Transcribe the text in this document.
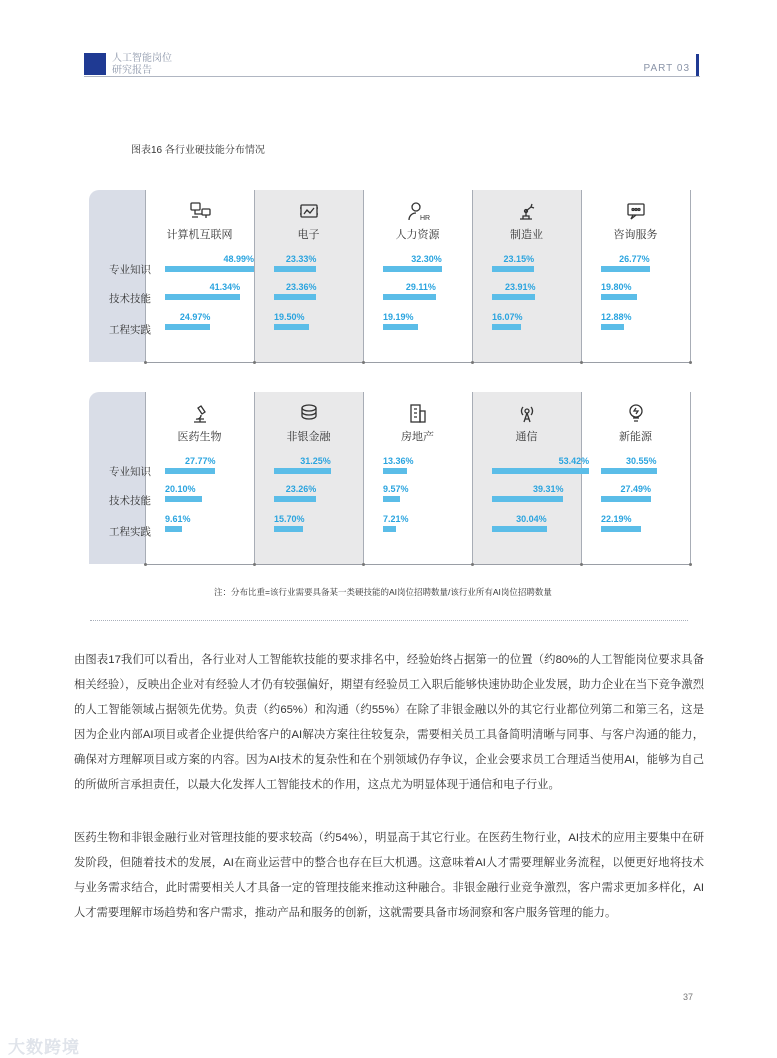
人工智能岗位
研究报告	PART 03
图表16 各行业硬技能分布情况
专业知识
技术技能
工程实践
计算机互联网
48.99%
41.34%
24.97%
电子
23.33%
23.36%
19.50%
HR
人力资源
32.30%
29.11%
19.19%
制造业
23.15%
23.91%
16.07%
咨询服务
26.77%
19.80%
12.88%
专业知识
技术技能
工程实践
医药生物
27.77%
20.10%
9.61%
非银金融
31.25%
23.26%
15.70%
房地产
13.36%
9.57%
7.21%
通信
53.42%
39.31%
30.04%
新能源
30.55%
27.49%
22.19%
注：分布比重=该行业需要具备某一类硬技能的AI岗位招聘数量/该行业所有AI岗位招聘数量
由图表17我们可以看出，各行业对人工智能软技能的要求排名中，经验始终占据第一的位置（约80%的人工智能岗位要求具备相关经验），反映出企业对有经验人才仍有较强偏好，期望有经验员工入职后能够快速协助企业发展，助力企业在当下竞争激烈的人工智能领域占据领先优势。负责（约65%）和沟通（约55%）在除了非银金融以外的其它行业都位列第二和第三名，这是因为企业内部AI项目或者企业提供给客户的AI解决方案往往较复杂，需要相关员工具备简明清晰与同事、与客户沟通的能力，确保对方理解项目或方案的内容。因为AI技术的复杂性和在个别领域仍存争议，企业会要求员工合理适当使用AI，能够为自己的所做所言承担责任，以最大化发挥人工智能技术的作用，这点尤为明显体现于通信和电子行业。
医药生物和非银金融行业对管理技能的要求较高（约54%），明显高于其它行业。在医药生物行业，AI技术的应用主要集中在研发阶段，但随着技术的发展，AI在商业运营中的整合也存在巨大机遇。这意味着AI人才需要理解业务流程，以便更好地将技术与业务需求结合，此时需要相关人才具备一定的管理技能来推动这种融合。非银金融行业竞争激烈，客户需求更加多样化，AI人才需要理解市场趋势和客户需求，推动产品和服务的创新，这就需要具备市场洞察和客户服务管理的能力。
37
大数跨境
